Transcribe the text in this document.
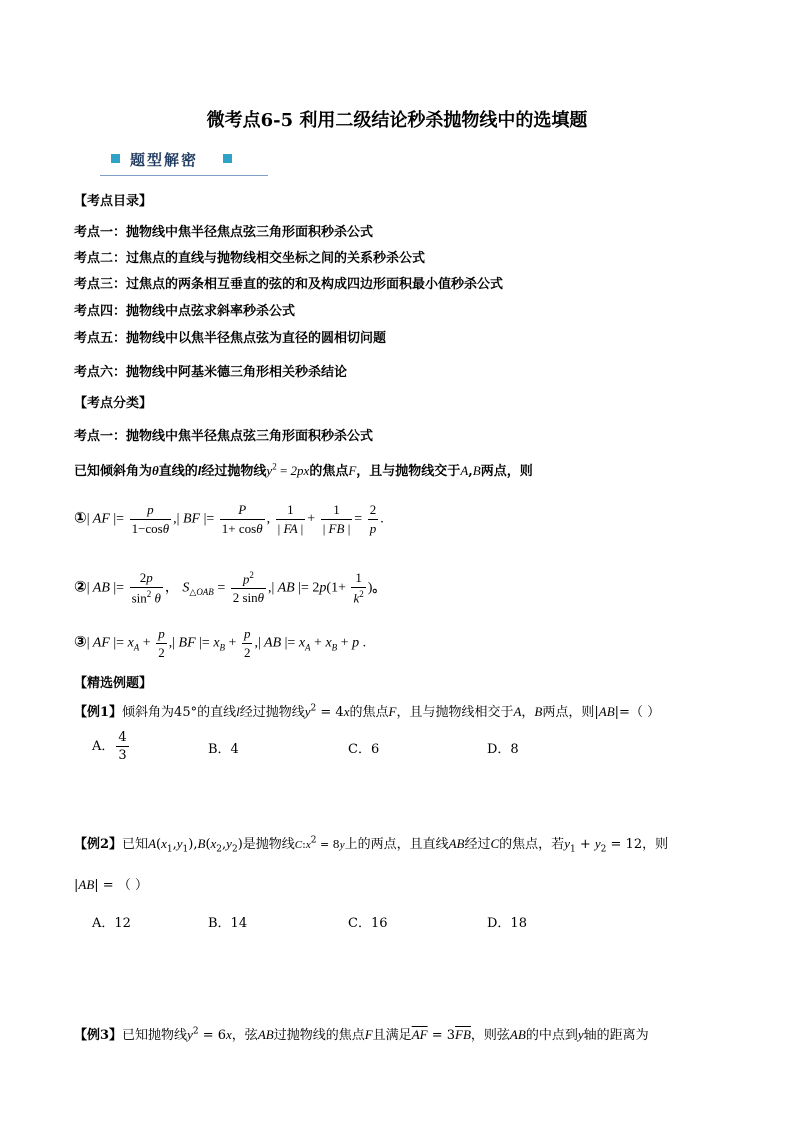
微考点6-5 利用二级结论秒杀抛物线中的选填题
题型解密
【考点目录】
考点一：抛物线中焦半径焦点弦三角形面积秒杀公式
考点二：过焦点的直线与抛物线相交坐标之间的关系秒杀公式
考点三：过焦点的两条相互垂直的弦的和及构成四边形面积最小值秒杀公式
考点四：抛物线中点弦求斜率秒杀公式
考点五：抛物线中以焦半径焦点弦为直径的圆相切问题
考点六：抛物线中阿基米德三角形相关秒杀结论
【考点分类】
考点一：抛物线中焦半径焦点弦三角形面积秒杀公式
已知倾斜角为θ直线的l经过抛物线$y^2 = 2px$的焦点F，且与抛物线交于A,B两点，则
①| AF |= $\frac{p}{1-\cos\theta}$ ,| BF |= $\frac{P}{1+ \cos\theta}$ , $\frac{1}{| FA |} + \frac{1}{| FB |} = \frac{2}{p}$ .
②| AB |= $\frac{2p}{\sin^2 \theta}$ ， $S_{\triangle OAB} = \frac{p^2}{2 \sin\theta}$ ,| AB |= $2p(1+ \frac{1}{k^2}$ )。
③| AF |= $x_A + \frac{p}{2}$ ,| BF |= $x_B + \frac{p}{2}$ ,| AB |= $x_A + x_B + p$ .
【精选例题】
【例1】倾斜角为45°的直线l经过抛物线$y^2 = 4x$的焦点F，且与抛物线相交于A，B两点，则|AB|=（ ）
A． $\frac{4}{3}$	B．4	C．6	D．8
【例2】已知$A(x_1,y_1),B(x_2,y_2)$是抛物线$C:x^2 = 8y$上的两点，且直线AB经过C的焦点，若$y_1 + y_2 = 12$，则
|AB| = （ ）
A．12	B．14	C．16	D．18
【例3】已知抛物线$y^2 = 6x$，弦AB过抛物线的焦点F且满足$\overline{AF} = 3\overline{FB}$，则弦AB的中点到y轴的距离为
